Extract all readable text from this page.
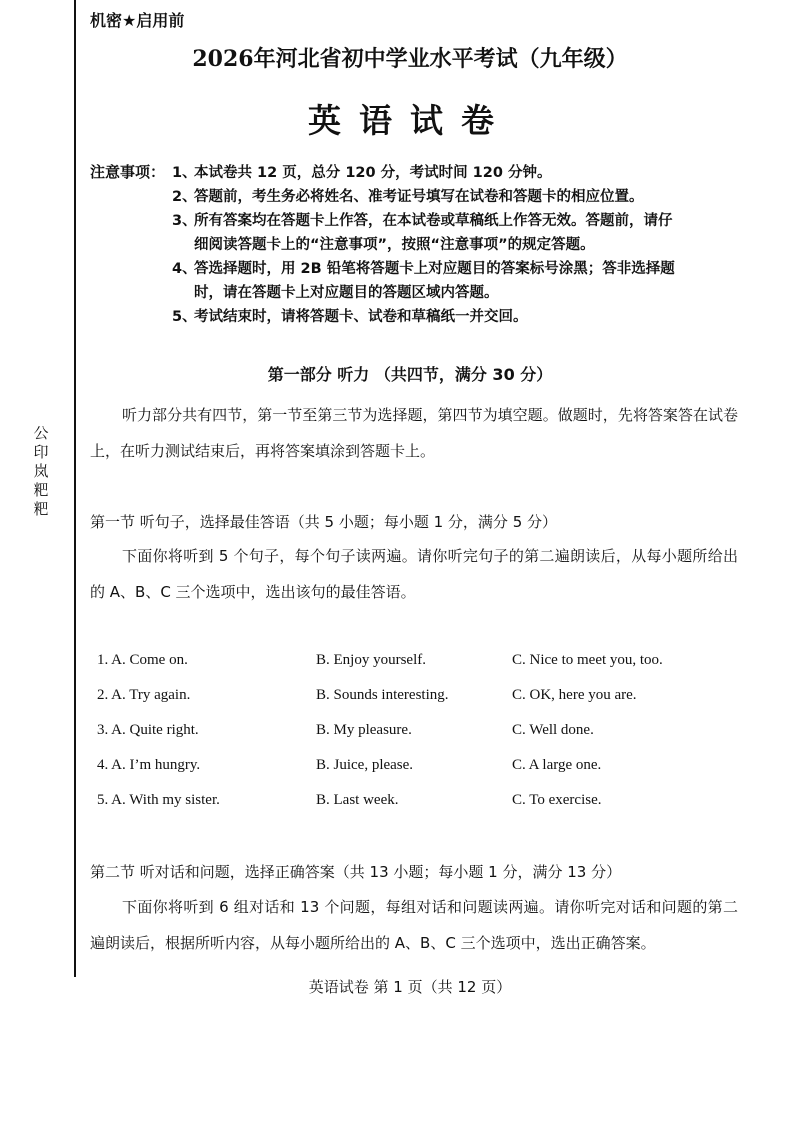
公印岚粑粑
机密★启用前
2026年河北省初中学业水平考试（九年级）
英语试卷
注意事项： 1、
本试卷共 12 页，总分 120 分，考试时间 120 分钟。
2、
答题前，考生务必将姓名、准考证号填写在试卷和答题卡的相应位置。
3、
所有答案均在答题卡上作答，在本试卷或草稿纸上作答无效。答题前，请仔
细阅读答题卡上的“注意事项”，按照“注意事项”的规定答题。
4、
答选择题时，用 2B 铅笔将答题卡上对应题目的答案标号涂黑；答非选择题
时，请在答题卡上对应题目的答题区域内答题。
5、
考试结束时，请将答题卡、试卷和草稿纸一并交回。
第一部分 听力 （共四节，满分 30 分）
听力部分共有四节，第一节至第三节为选择题，第四节为填空题。做题时，先将答案答在试卷上，在听力测试结束后，再将答案填涂到答题卡上。
第一节 听句子，选择最佳答语（共 5 小题；每小题 1 分，满分 5 分）
下面你将听到 5 个句子，每个句子读两遍。请你听完句子的第二遍朗读后，从每小题所给出的 A、B、C 三个选项中，选出该句的最佳答语。
1. A. Come on.	B. Enjoy yourself.	C. Nice to meet you, too.
2. A. Try again.	B. Sounds interesting.	C. OK, here you are.
3. A. Quite right.	B. My pleasure.	C. Well done.
4. A. I’m hungry.	B. Juice, please.	C. A large one.
5. A. With my sister.	B. Last week.	C. To exercise.
第二节 听对话和问题，选择正确答案（共 13 小题；每小题 1 分，满分 13 分）
下面你将听到 6 组对话和 13 个问题，每组对话和问题读两遍。请你听完对话和问题的第二遍朗读后，根据所听内容，从每小题所给出的 A、B、C 三个选项中，选出正确答案。
英语试卷 第 1 页（共 12 页）
